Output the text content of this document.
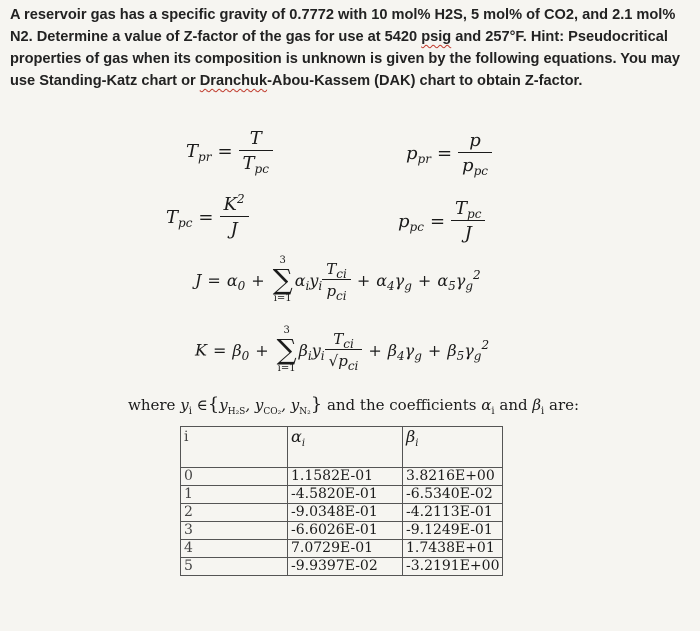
A reservoir gas has a specific gravity of 0.7772 with 10 mol% H2S, 5 mol% of CO2, and 2.1 mol%
N2. Determine a value of Z-factor of the gas for use at 5420 psig and 257°F. Hint: Pseudocritical
properties of gas when its composition is unknown is given by the following equations. You may
use Standing-Katz chart or Dranchuk-Abou-Kassem (DAK) chart to obtain Z-factor.
$T_{pr} = \frac{T}{T_{pc}}$	$p_{pr} = \frac{p}{p_{pc}}$
$T_{pc} = \frac{K^2}{J}$	$p_{pc} = \frac{T_{pc}}{J}$
$J = \alpha_0$ +
3
∑
i=1
$\alpha_iy_i \frac{T_{ci}}{p_{ci}} + \alpha_4\gamma_g + \alpha_5\gamma_g^2$
$K = \beta_0$ +
3
∑
i=1
$\beta_iy_i \frac{T_{ci}}{√p_{ci}} + \beta_4\gamma_g + \beta_5\gamma_g^2$
where $y_i$ $\in\{y_{H_2S}$, $y_{CO_2}$, $y_{N_2}$} and the coefficients $\alpha_i$ and $\beta_i$ are:
i	$\alpha_i$	$\beta_i$
0	1.1582E-01	3.8216E+00
1	-4.5820E-01	-6.5340E-02
2	-9.0348E-01	-4.2113E-01
3	-6.6026E-01	-9.1249E-01
4	7.0729E-01	1.7438E+01
5	-9.9397E-02	-3.2191E+00
